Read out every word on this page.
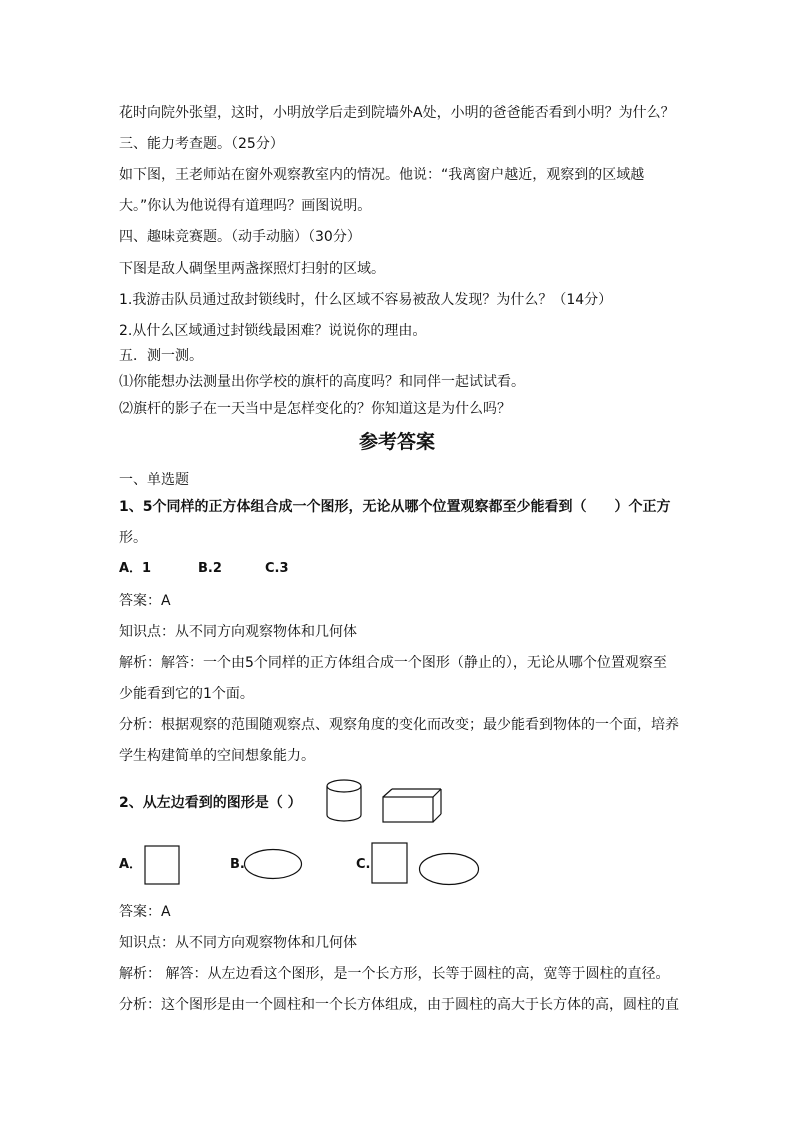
花时向院外张望，这时，小明放学后走到院墙外A处，小明的爸爸能否看到小明？为什么？
三、能力考查题。（25分）
如下图，王老师站在窗外观察教室内的情况。他说：“我离窗户越近，观察到的区域越
大。”你认为他说得有道理吗？画图说明。
四、趣味竞赛题。（动手动脑）（30分）
下图是敌人碉堡里两盏探照灯扫射的区域。
1.我游击队员通过敌封锁线时，什么区域不容易被敌人发现？为什么？（14分）
2.从什么区域通过封锁线最困难？说说你的理由。
五．测一测。
⑴你能想办法测量出你学校的旗杆的高度吗？和同伴一起试试看。
⑵旗杆的影子在一天当中是怎样变化的？你知道这是为什么吗？
参考答案
一、单选题
1、5个同样的正方体组合成一个图形，无论从哪个位置观察都至少能看到（　　）个正方
形。
A．1	B.2	C.3
答案：A
知识点：从不同方向观察物体和几何体
解析：解答：一个由5个同样的正方体组合成一个图形（静止的），无论从哪个位置观察至
少能看到它的1个面。
分析：根据观察的范围随观察点、观察角度的变化而改变；最少能看到物体的一个面，培养
学生构建简单的空间想象能力。
2、从左边看到的图形是（ ）
A．	B.	C.
答案：A
知识点：从不同方向观察物体和几何体
解析： 解答：从左边看这个图形，是一个长方形，长等于圆柱的高，宽等于圆柱的直径。
分析：这个图形是由一个圆柱和一个长方体组成，由于圆柱的高大于长方体的高，圆柱的直
